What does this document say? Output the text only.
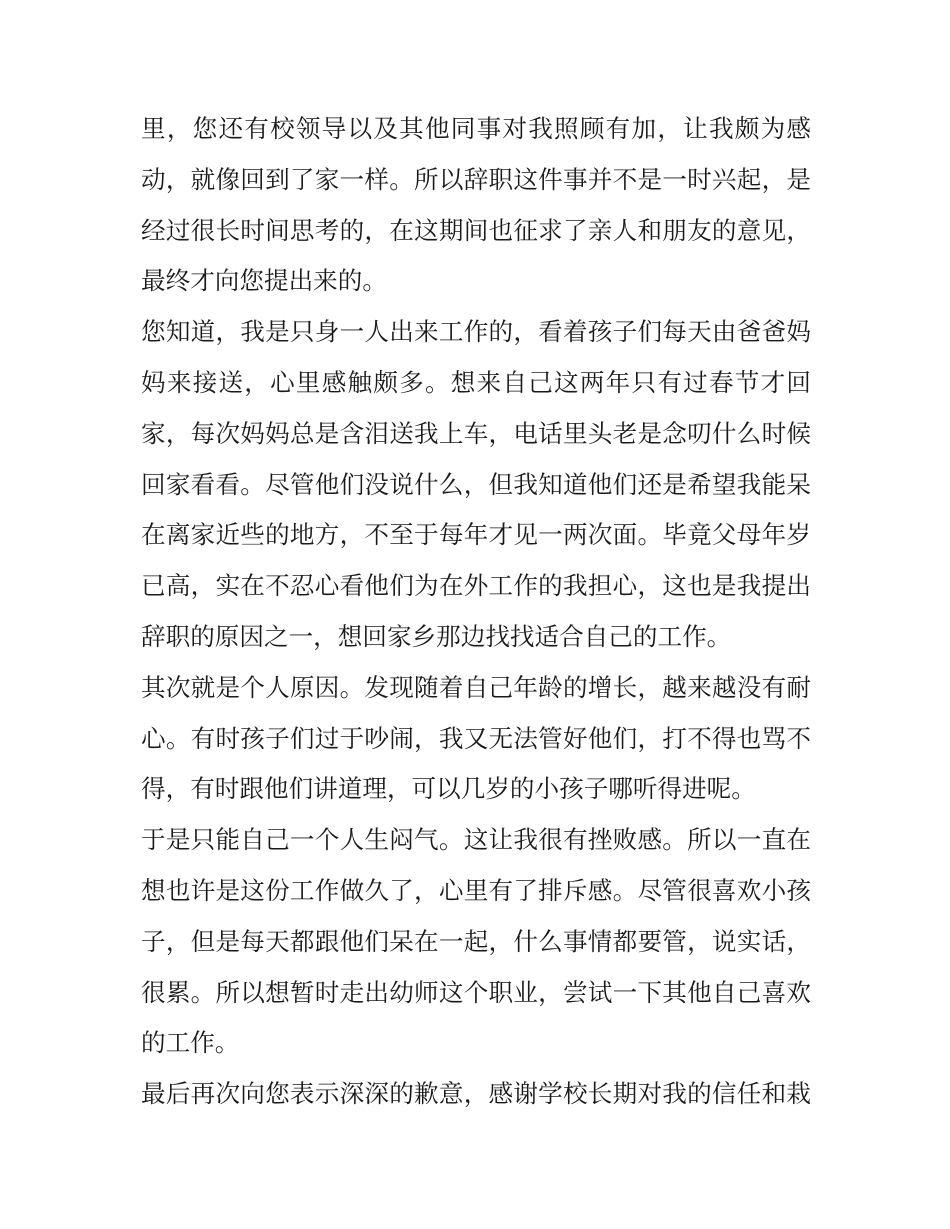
里，您还有校领导以及其他同事对我照顾有加，让我颇为感
动，就像回到了家一样。所以辞职这件事并不是一时兴起，是
经过很长时间思考的，在这期间也征求了亲人和朋友的意见，
最终才向您提出来的。
您知道，我是只身一人出来工作的，看着孩子们每天由爸爸妈
妈来接送，心里感触颇多。想来自己这两年只有过春节才回
家，每次妈妈总是含泪送我上车，电话里头老是念叨什么时候
回家看看。尽管他们没说什么，但我知道他们还是希望我能呆
在离家近些的地方，不至于每年才见一两次面。毕竟父母年岁
已高，实在不忍心看他们为在外工作的我担心，这也是我提出
辞职的原因之一，想回家乡那边找找适合自己的工作。
其次就是个人原因。发现随着自己年龄的增长，越来越没有耐
心。有时孩子们过于吵闹，我又无法管好他们，打不得也骂不
得，有时跟他们讲道理，可以几岁的小孩子哪听得进呢。
于是只能自己一个人生闷气。这让我很有挫败感。所以一直在
想也许是这份工作做久了，心里有了排斥感。尽管很喜欢小孩
子，但是每天都跟他们呆在一起，什么事情都要管，说实话，
很累。所以想暂时走出幼师这个职业，尝试一下其他自己喜欢
的工作。
最后再次向您表示深深的歉意，感谢学校长期对我的信任和栽
